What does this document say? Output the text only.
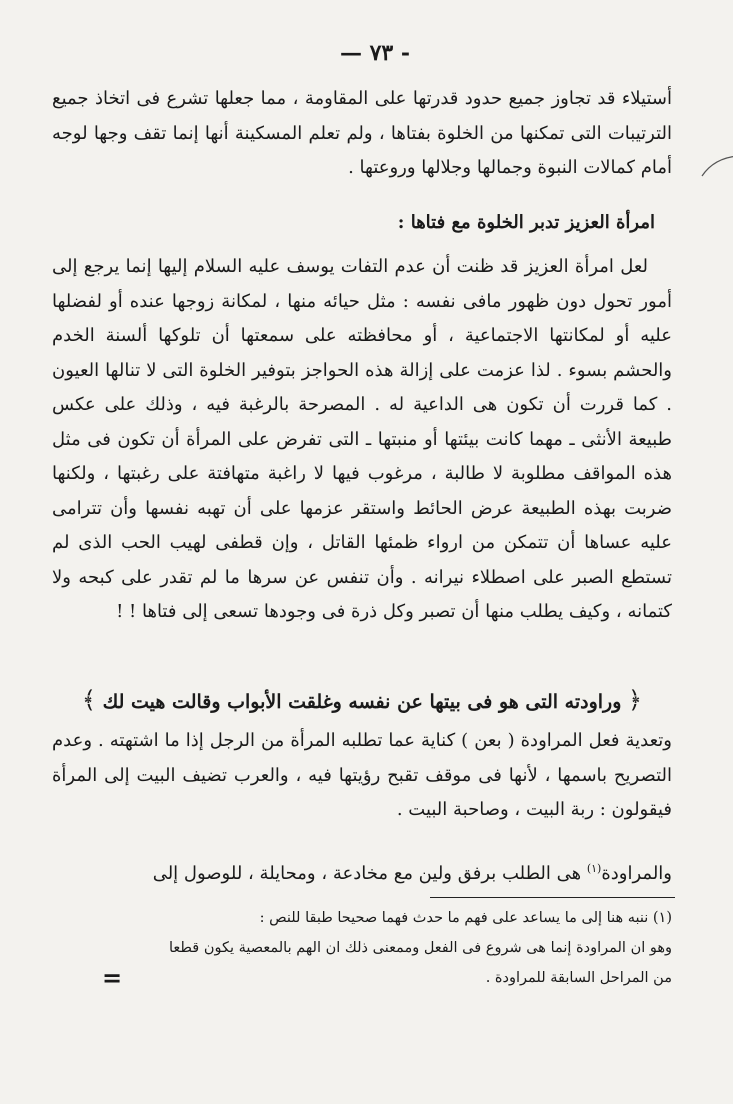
- ٧٣ —
أستيلاء قد تجاوز جميع حدود قدرتها على المقاومة ، مما جعلها تشرع فى اتخاذ جميع الترتيبات التى تمكنها من الخلوة بفتاها ، ولم تعلم المسكينة أنها إنما تقف وجها لوجه أمام كمالات النبوة وجمالها وجلالها وروعتها .
امرأة العزيز تدبر الخلوة مع فتاها :
لعل امرأة العزيز قد ظنت أن عدم التفات يوسف عليه السلام إليها إنما يرجع إلى أمور تحول دون ظهور مافى نفسه : مثل حيائه منها ، لمكانة زوجها عنده أو لفضلها عليه أو لمكانتها الاجتماعية ، أو محافظته على سمعتها أن تلوكها ألسنة الخدم والحشم بسوء . لذا عزمت على إزالة هذه الحواجز بتوفير الخلوة التى لا تنالها العيون . كما قررت أن تكون هى الداعية له . المصرحة بالرغبة فيه ، وذلك على عكس طبيعة الأنثى ـ مهما كانت بيئتها أو منبتها ـ التى تفرض على المرأة أن تكون فى مثل هذه المواقف مطلوبة لا طالبة ، مرغوب فيها لا راغبة متهافتة على رغبتها ، ولكنها ضربت بهذه الطبيعة عرض الحائط واستقر عزمها على أن تهبه نفسها وأن تترامى عليه عساها أن تتمكن من ارواء ظمئها القاتل ، وإن قطفى لهيب الحب الذى لم تستطع الصبر على اصطلاء نيرانه . وأن تنفس عن سرها ما لم تقدر على كبحه ولا كتمانه ، وكيف يطلب منها أن تصبر وكل ذرة فى وجودها تسعى إلى فتاها ! !
﴿ وراودته التى هو فى بيتها عن نفسه وغلقت الأبواب وقالت هيت لك ﴾
وتعدية فعل المراودة ( بعن ) كناية عما تطلبه المرأة من الرجل إذا ما اشتهته . وعدم التصريح باسمها ، لأنها فى موقف تقبح رؤيتها فيه ، والعرب تضيف البيت إلى المرأة فيقولون : ربة البيت ، وصاحبة البيت .
والمراودة$^{(١)}$ هى الطلب برفق ولين مع مخادعة ، ومحايلة ، للوصول إلى
(١) ننبه هنا إلى ما يساعد على فهم ما حدث فهما صحيحا طبقا للنص :
وهو ان المراودة إنما هى شروع فى الفعل وممعنى ذلك ان الهم بالمعصية يكون قطعا
من المراحل السابقة للمراودة .
=
